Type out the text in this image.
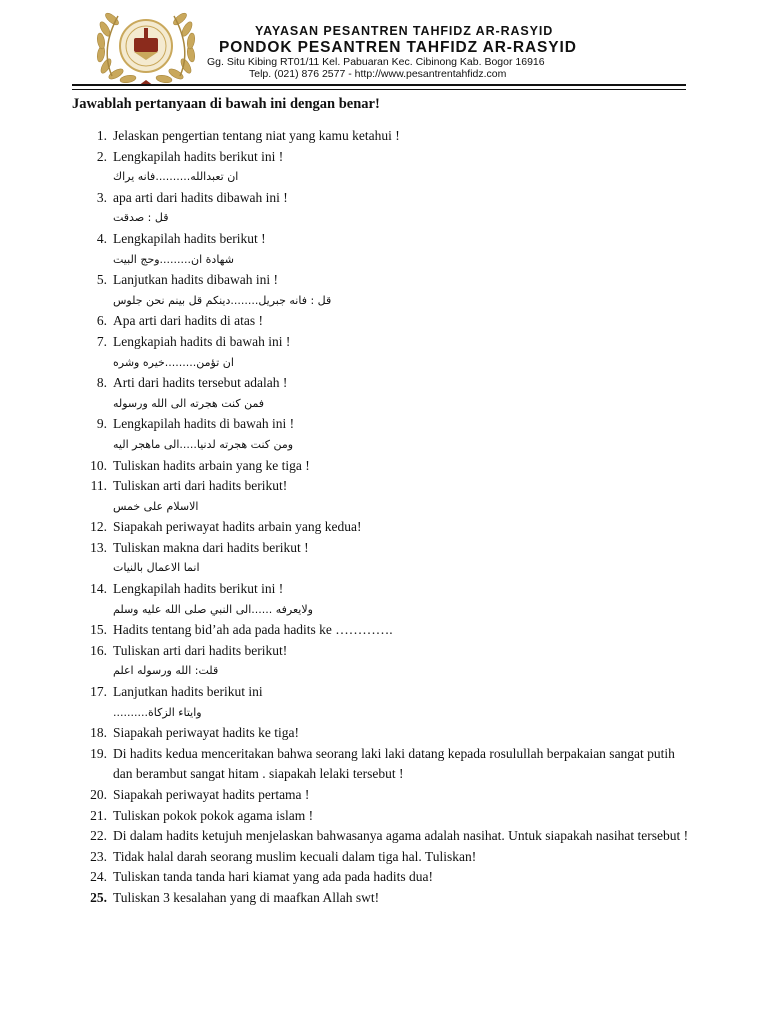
YAYASAN PESANTREN TAHFIDZ AR-RASYID
PONDOK PESANTREN TAHFIDZ AR-RASYID
Gg. Situ Kibing RT01/11 Kel. Pabuaran Kec. Cibinong Kab. Bogor 16916
Telp. (021) 876 2577 - http://www.pesantrentahfidz.com
Jawablah pertanyaan di bawah ini dengan benar!
1. Jelaskan pengertian tentang niat yang kamu ketahui !
2. Lengkapilah hadits berikut ini !
ان تعبدالله..........فانه يراك
3. apa arti dari hadits dibawah ini !
قل : صدقت
4. Lengkapilah hadits berikut !
شهادة ان.........وحج البيت
5. Lanjutkan hadits dibawah ini !
قل : فانه جبريل........دينكم قل بينم نحن جلوس
6. Apa arti dari hadits di atas !
7. Lengkapiah hadits di bawah ini !
ان تؤمن.........خيره وشره
8. Arti dari hadits tersebut adalah !
فمن كنت هجرته الى الله ورسوله
9. Lengkapilah hadits di bawah ini !
ومن كنت هجرته لدنيا.....الى ماهجر اليه
10. Tuliskan hadits arbain yang ke tiga !
11. Tuliskan arti dari hadits berikut!
الاسلام على خمس
12. Siapakah periwayat hadits arbain yang kedua!
13. Tuliskan makna dari hadits berikut !
انما الاعمال بالنيات
14. Lengkapilah hadits berikut ini !
ولايعرفه ......الى النبي صلى الله عليه وسلم
15. Hadits tentang bid’ah ada pada hadits ke ………….
16. Tuliskan arti dari hadits berikut!
قلت: الله ورسوله اعلم
17. Lanjutkan hadits berikut ini
وايتاء الزكاة..........
18. Siapakah periwayat hadits ke tiga!
19. Di hadits kedua menceritakan bahwa seorang laki laki datang kepada rosulullah berpakaian sangat putih dan berambut sangat hitam . siapakah lelaki tersebut !
20. Siapakah periwayat hadits pertama !
21. Tuliskan pokok pokok agama islam !
22. Di dalam hadits ketujuh menjelaskan bahwasanya agama adalah nasihat. Untuk siapakah nasihat tersebut !
23. Tidak halal darah seorang muslim kecuali dalam tiga hal. Tuliskan!
24. Tuliskan tanda tanda hari kiamat yang ada pada hadits dua!
25. Tuliskan 3 kesalahan yang di maafkan Allah swt!
